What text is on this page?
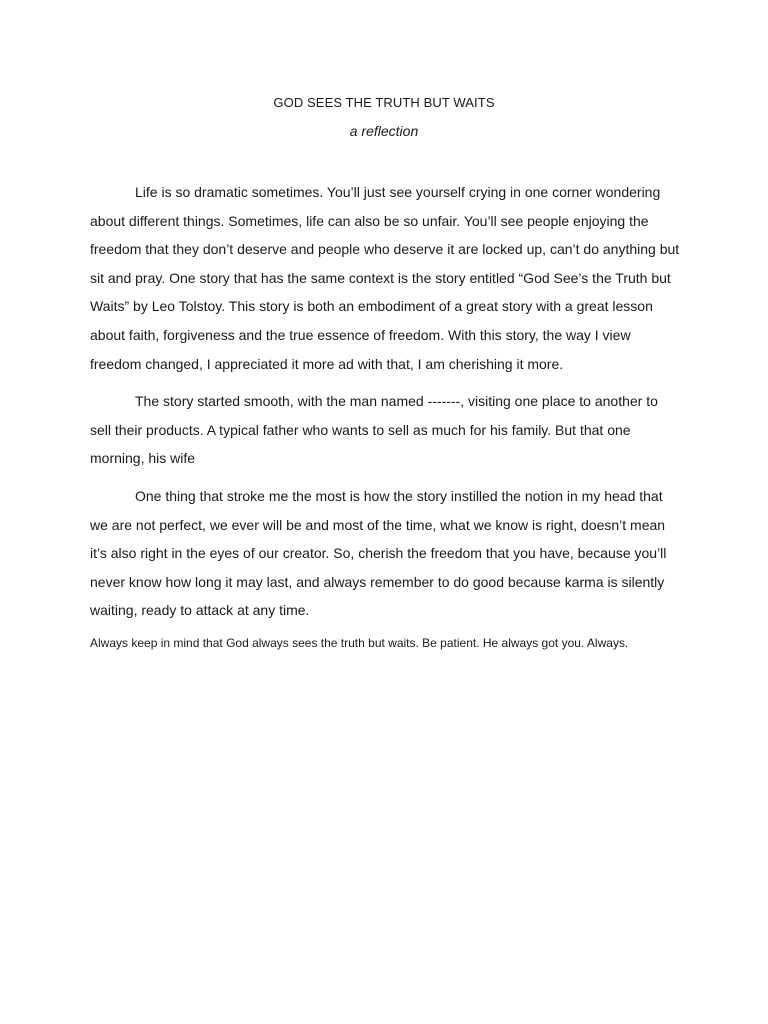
GOD SEES THE TRUTH BUT WAITS
a reflection

Life is so dramatic sometimes. You’ll just see yourself crying in one corner wondering about different things. Sometimes, life can also be so unfair. You’ll see people enjoying the freedom that they don’t deserve and people who deserve it are locked up, can’t do anything but sit and pray. One story that has the same context is the story entitled “God See’s the Truth but Waits” by Leo Tolstoy. This story is both an embodiment of a great story with a great lesson about faith, forgiveness and the true essence of freedom. With this story, the way I view freedom changed, I appreciated it more ad with that, I am cherishing it more.

The story started smooth, with the man named -------, visiting one place to another to sell their products. A typical father who wants to sell as much for his family. But that one morning, his wife

One thing that stroke me the most is how the story instilled the notion in my head that we are not perfect, we ever will be and most of the time, what we know is right, doesn’t mean it’s also right in the eyes of our creator. So, cherish the freedom that you have, because you’ll never know how long it may last, and always remember to do good because karma is silently waiting, ready to attack at any time.

Always keep in mind that God always sees the truth but waits. Be patient. He always got you. Always.
